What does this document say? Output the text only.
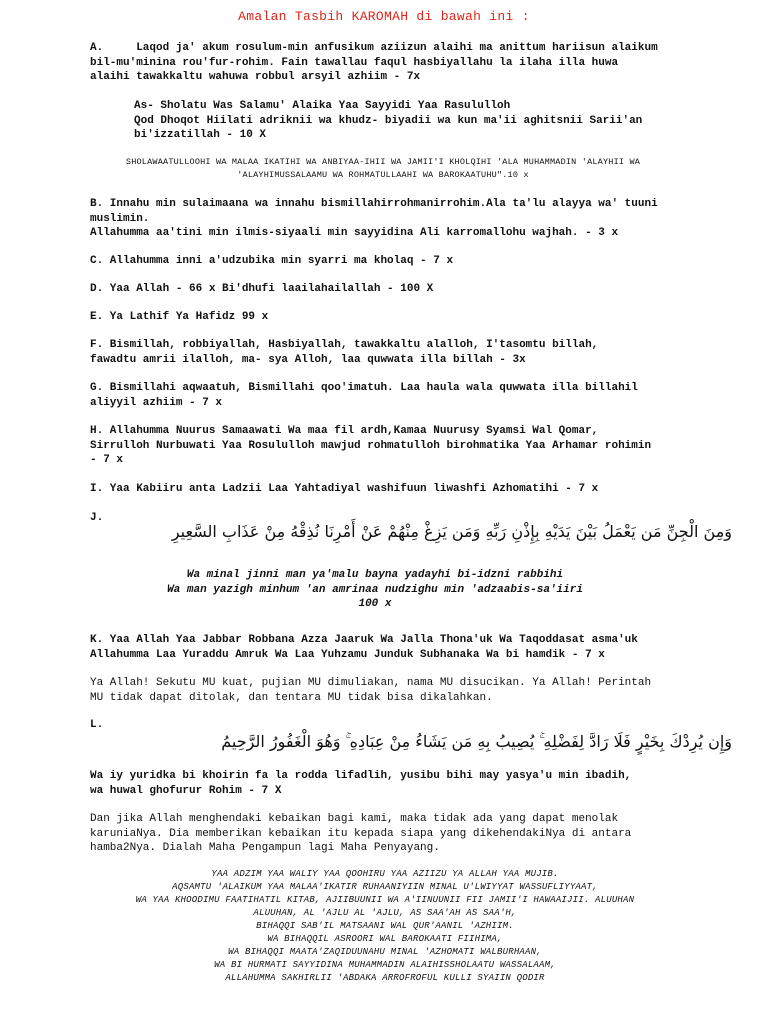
Amalan Tasbih KAROMAH di bawah ini :
A.     Laqod ja' akum rosulum-min anfusikum aziizun alaihi ma anittum hariisun alaikum
bil-mu'minina rou'fur-rohim. Fain tawallau faqul hasbiyallahu la ilaha illa huwa
alaihi tawakkaltu wahuwa robbul arsyil azhiim - 7x
As- Sholatu Was Salamu' Alaika Yaa Sayyidi Yaa Rasululloh
Qod Dhoqot Hiilati adriknii wa khudz- biyadii wa kun ma'ii aghitsnii Sarii'an
bi'izzatillah - 10 X
SHOLAWAATULLOOHI WA MALAA IKATIHI WA ANBIYAA-IHII WA JAMII'I KHOLQIHI 'ALA MUHAMMADIN 'ALAYHII WA
'ALAYHIMUSSALAAMU WA ROHMATULLAAHI WA BAROKAATUHU".10 x
B. Innahu min sulaimaana wa innahu bismillahirrohmanirrohim.Ala ta'lu alayya wa' tuuni
muslimin.
Allahumma aa'tini min ilmis-siyaali min sayyidina Ali karromallohu wajhah. - 3 x
C. Allahumma inni a'udzubika min syarri ma kholaq - 7 x
D. Yaa Allah - 66 x Bi'dhufi laailahailallah - 100 X
E. Ya Lathif Ya Hafidz 99 x
F. Bismillah, robbiyallah, Hasbiyallah, tawakkaltu alalloh, I'tasomtu billah,
fawadtu amrii ilalloh, ma- sya Alloh, laa quwwata illa billah - 3x
G. Bismillahi aqwaatuh, Bismillahi qoo'imatuh. Laa haula wala quwwata illa billahil
aliyyil azhiim - 7 x
H. Allahumma Nuurus Samaawati Wa maa fil ardh,Kamaa Nuurusy Syamsi Wal Qomar,
Sirrulloh Nurbuwati Yaa Rosululloh mawjud rohmatulloh birohmatika Yaa Arhamar rohimin
- 7 x
I. Yaa Kabiiru anta Ladzii Laa Yahtadiyal washifuun liwashfi Azhomatihi - 7 x
J.
وَمِنَ الْجِنِّ مَن يَعْمَلُ بَيْنَ يَدَيْهِ بِإِذْنِ رَبِّهِ وَمَن يَزِغْ مِنْهُمْ عَنْ أَمْرِنَا نُذِقْهُ مِنْ عَذَابِ السَّعِيرِ
Wa minal jinni man ya'malu bayna yadayhi bi-idzni rabbihi
Wa man yazigh minhum 'an amrinaa nudzighu min 'adzaabis-sa'iiri
100 x
K. Yaa Allah Yaa Jabbar Robbana Azza Jaaruk Wa Jalla Thona'uk Wa Taqoddasat asma'uk
Allahumma Laa Yuraddu Amruk Wa Laa Yuhzamu Junduk Subhanaka Wa bi hamdik - 7 x
Ya Allah! Sekutu MU kuat, pujian MU dimuliakan, nama MU disucikan. Ya Allah! Perintah
MU tidak dapat ditolak, dan tentara MU tidak bisa dikalahkan.
L.
وَإِن يُرِدْكَ بِخَيْرٍ فَلَا رَادَّ لِفَضْلِهِ ۚ يُصِيبُ بِهِ مَن يَشَاءُ مِنْ عِبَادِهِ ۚ وَهُوَ الْغَفُورُ الرَّحِيمُ
Wa iy yuridka bi khoirin fa la rodda lifadlih, yusibu bihi may yasya'u min ibadih,
wa huwal ghofurur Rohim - 7 X
Dan jika Allah menghendaki kebaikan bagi kami, maka tidak ada yang dapat menolak
karuniaNya. Dia memberikan kebaikan itu kepada siapa yang dikehendakiNya di antara
hamba2Nya. Dialah Maha Pengampun lagi Maha Penyayang.
YAA ADZIM YAA WALIY YAA QOOHIRU YAA AZIIZU YA ALLAH YAA MUJIB.
AQSAMTU 'ALAIKUM YAA MALAA'IKATIR RUHAANIYIIN MINAL U'LWIYYAT WASSUFLIYYAAT,
WA YAA KHOODIMU FAATIHATIL KITAB, AJIIBUUNII WA A'IINUUNII FII JAMII'I HAWAAIJII. ALUUHAN
ALUUHAN, AL 'AJLU AL 'AJLU, AS SAA'AH AS SAA'H,
BIHAQQI SAB'IL MATSAANI WAL QUR'AANIL 'AZHIIM.
WA BIHAQQIL ASROORI WAL BAROKAATI FIIHIMA,
WA BIHAQQI MAATA'ZAQIDUUNAHU MINAL 'AZHOMATI WALBURHAAN,
WA BI HURMATI SAYYIDINA MUHAMMADIN ALAIHISSHOLAATU WASSALAAM,
ALLAHUMMA SAKHIRLII 'ABDAKA ARROFROFUL KULLI SYAIIN QODIR
